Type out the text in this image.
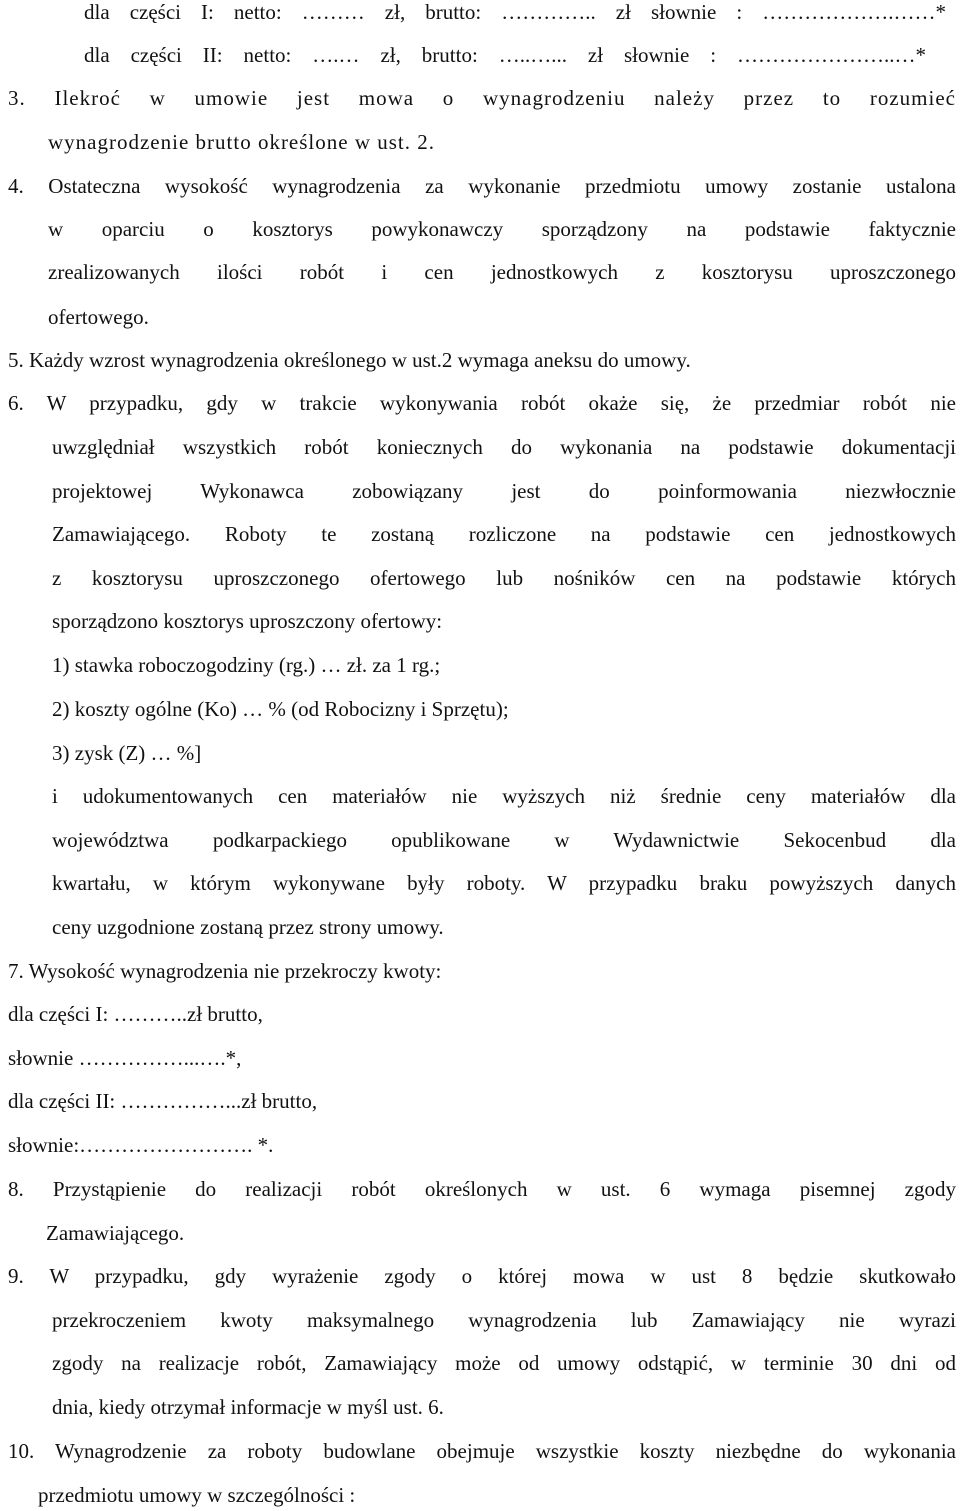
dla części I: netto: ……… zł, brutto: ………….. zł słownie : ……………….……*
dla części II: netto: ….… zł, brutto: …..…... zł słownie : …………………..…*
3. Ilekroć w umowie jest mowa o wynagrodzeniu należy przez to rozumieć
wynagrodzenie brutto określone w ust. 2.
4. Ostateczna wysokość wynagrodzenia za wykonanie przedmiotu umowy zostanie ustalona
w oparciu o kosztorys powykonawczy sporządzony na podstawie faktycznie
zrealizowanych ilości robót i cen jednostkowych z kosztorysu uproszczonego
ofertowego.
5. Każdy wzrost wynagrodzenia określonego w ust.2 wymaga aneksu do umowy.
6. W przypadku, gdy w trakcie wykonywania robót okaże się, że przedmiar robót nie
uwzględniał wszystkich robót koniecznych do wykonania na podstawie dokumentacji
projektowej Wykonawca zobowiązany jest do poinformowania niezwłocznie
Zamawiającego. Roboty te zostaną rozliczone na podstawie cen jednostkowych
z kosztorysu uproszczonego ofertowego lub nośników cen na podstawie których
sporządzono kosztorys uproszczony ofertowy:
1) stawka roboczogodziny (rg.) … zł. za 1 rg.;
2) koszty ogólne (Ko) … % (od Robocizny i Sprzętu);
3) zysk (Z) … %]
i udokumentowanych cen materiałów nie wyższych niż średnie ceny materiałów dla
województwa podkarpackiego opublikowane w Wydawnictwie Sekocenbud dla
kwartału, w którym wykonywane były roboty. W przypadku braku powyższych danych
ceny uzgodnione zostaną przez strony umowy.
7. Wysokość wynagrodzenia nie przekroczy kwoty:
dla części I: ………..zł brutto,
słownie ……………...….*,
dla części II: ……………...zł brutto,
słownie:……………………. *.
8. Przystąpienie do realizacji robót określonych w ust. 6 wymaga pisemnej zgody
Zamawiającego.
9. W przypadku, gdy wyrażenie zgody o której mowa w ust 8 będzie skutkowało
przekroczeniem kwoty maksymalnego wynagrodzenia lub Zamawiający nie wyrazi
zgody na realizacje robót, Zamawiający może od umowy odstąpić, w terminie 30 dni od
dnia, kiedy otrzymał informacje w myśl ust. 6.
10. Wynagrodzenie za roboty budowlane obejmuje wszystkie koszty niezbędne do wykonania
przedmiotu umowy w szczególności :
